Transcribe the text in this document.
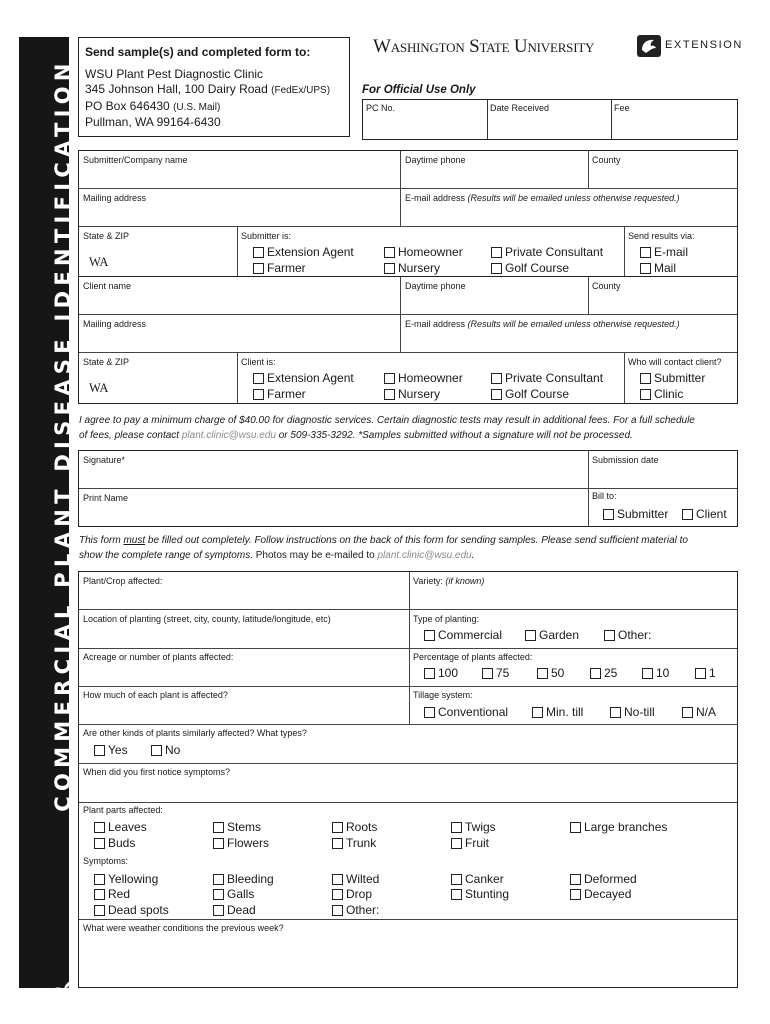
COMMERCIAL PLANT DISEASE IDENTIFICATION
Send sample(s) and completed form to:
WSU Plant Pest Diagnostic Clinic
345 Johnson Hall, 100 Dairy Road (FedEx/UPS)
PO Box 646430 (U.S. Mail)
Pullman, WA 99164-6430
Washington State University	EXTENSION
For Official Use Only
PC No.	Date Received	Fee
Submitter/Company name	Daytime phone	County
Mailing address	E-mail address (Results will be emailed unless otherwise requested.)
State & ZIP
WA
Submitter is:
Extension Agent
Farmer
Homeowner
Nursery
Private Consultant
Golf Course
Send results via:
E-mail
Mail
Client name	Daytime phone	County
Mailing address	E-mail address (Results will be emailed unless otherwise requested.)
State & ZIP
WA
Client is:
Extension Agent
Farmer
Homeowner
Nursery
Private Consultant
Golf Course
Who will contact client?
Submitter
Clinic
I agree to pay a minimum charge of $40.00 for diagnostic services. Certain diagnostic tests may result in additional fees. For a full schedule
of fees, please contact plant.clinic@wsu.edu or 509-335-3292. *Samples submitted without a signature will not be processed.
Signature*	Submission date
Print Name	Bill to:
Submitter Client
This form must be filled out completely. Follow instructions on the back of this form for sending samples. Please send sufficient material to
show the complete range of symptoms. Photos may be e-mailed to plant.clinic@wsu.edu.
Plant/Crop affected:	Variety: (if known)
Location of planting (street, city, county, latitude/longitude, etc)	Type of planting:
Commercial	Garden	Other:
Acreage or number of plants affected:	Percentage of plants affected:
100	75	50	25	10	1
How much of each plant is affected?	Tillage system:
Conventional	Min. till	No-till	N/A
Are other kinds of plants similarly affected? What types?
Yes	No
When did you first notice symptoms?
Plant parts affected:
Leaves
Buds
Stems
Flowers
Roots
Trunk
Twigs
Fruit
Large branches
Symptoms:
Yellowing
Red
Dead spots
Bleeding
Galls
Dead
Wilted
Drop
Other:
Canker
Stunting
Deformed
Decayed
What were weather conditions the previous week?
